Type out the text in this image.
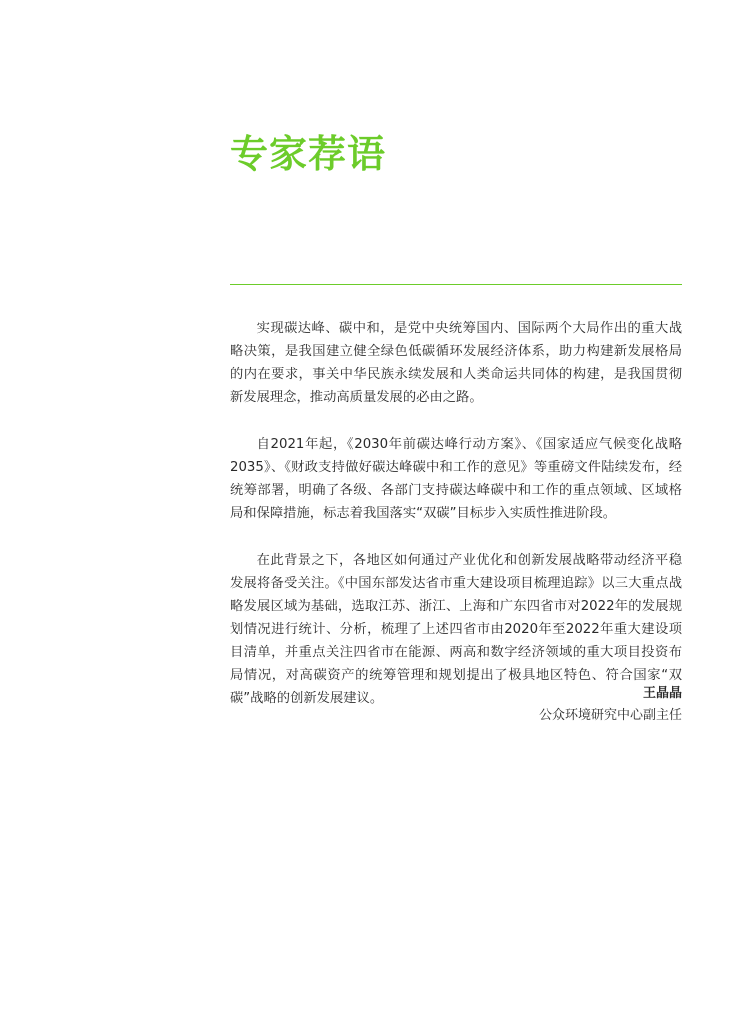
专家荐语

实现碳达峰、碳中和，是党中央统筹国内、国际两个大局作出的重大战略决策，是我国建立健全绿色低碳循环发展经济体系，助力构建新发展格局的内在要求，事关中华民族永续发展和人类命运共同体的构建，是我国贯彻新发展理念，推动高质量发展的必由之路。

自2021年起，《2030年前碳达峰行动方案》、《国家适应气候变化战略2035》、《财政支持做好碳达峰碳中和工作的意见》等重磅文件陆续发布，经统筹部署，明确了各级、各部门支持碳达峰碳中和工作的重点领域、区域格局和保障措施，标志着我国落实“双碳”目标步入实质性推进阶段。

在此背景之下，各地区如何通过产业优化和创新发展战略带动经济平稳发展将备受关注。《中国东部发达省市重大建设项目梳理追踪》以三大重点战略发展区域为基础，选取江苏、浙江、上海和广东四省市对2022年的发展规划情况进行统计、分析，梳理了上述四省市由2020年至2022年重大建设项目清单，并重点关注四省市在能源、两高和数字经济领域的重大项目投资布局情况，对高碳资产的统筹管理和规划提出了极具地区特色、符合国家“双碳”战略的创新发展建议。	王晶晶
公众环境研究中心副主任
